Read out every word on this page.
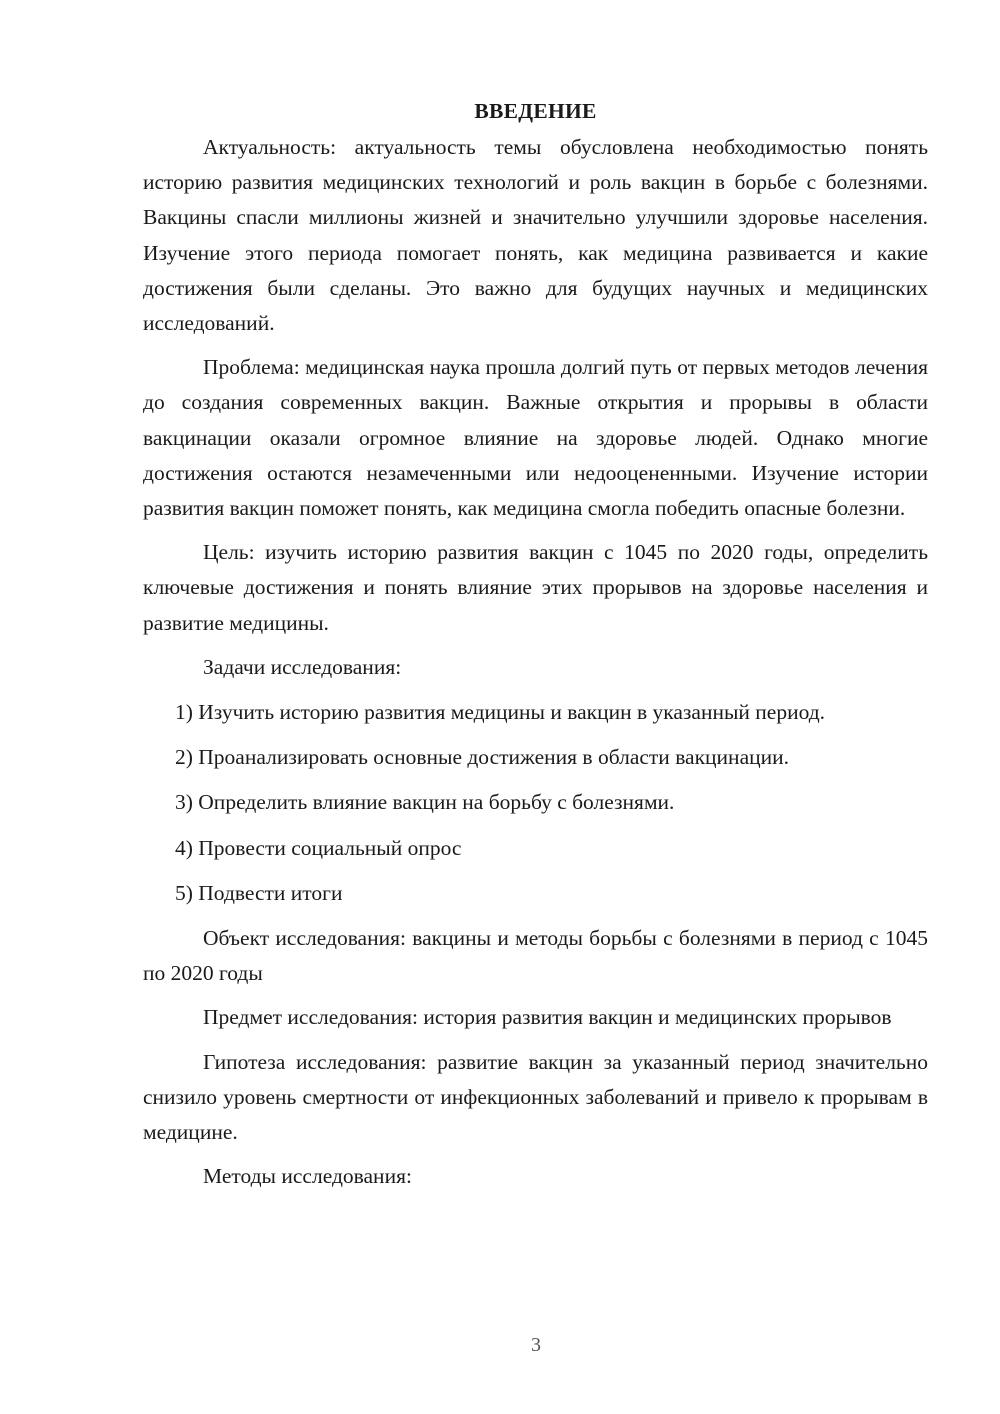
ВВЕДЕНИЕ

Актуальность: актуальность темы обусловлена необходимостью понять историю развития медицинских технологий и роль вакцин в борьбе с болезнями. Вакцины спасли миллионы жизней и значительно улучшили здоровье населения. Изучение этого периода помогает понять, как медицина развивается и какие достижения были сделаны. Это важно для будущих научных и медицинских исследований.

Проблема: медицинская наука прошла долгий путь от первых методов лечения до создания современных вакцин. Важные открытия и прорывы в области вакцинации оказали огромное влияние на здоровье людей. Однако многие достижения остаются незамеченными или недооцененными. Изучение истории развития вакцин поможет понять, как медицина смогла победить опасные болезни.

Цель: изучить историю развития вакцин с 1045 по 2020 годы, определить ключевые достижения и понять влияние этих прорывов на здоровье населения и развитие медицины.

Задачи исследования:

1) Изучить историю развития медицины и вакцин в указанный период.
2) Проанализировать основные достижения в области вакцинации.
3) Определить влияние вакцин на борьбу с болезнями.
4) Провести социальный опрос
5) Подвести итоги

Объект исследования: вакцины и методы борьбы с болезнями в период с 1045 по 2020 годы

Предмет исследования: история развития вакцин и медицинских прорывов

Гипотеза исследования: развитие вакцин за указанный период значительно снизило уровень смертности от инфекционных заболеваний и привело к прорывам в медицине.

Методы исследования:

3
